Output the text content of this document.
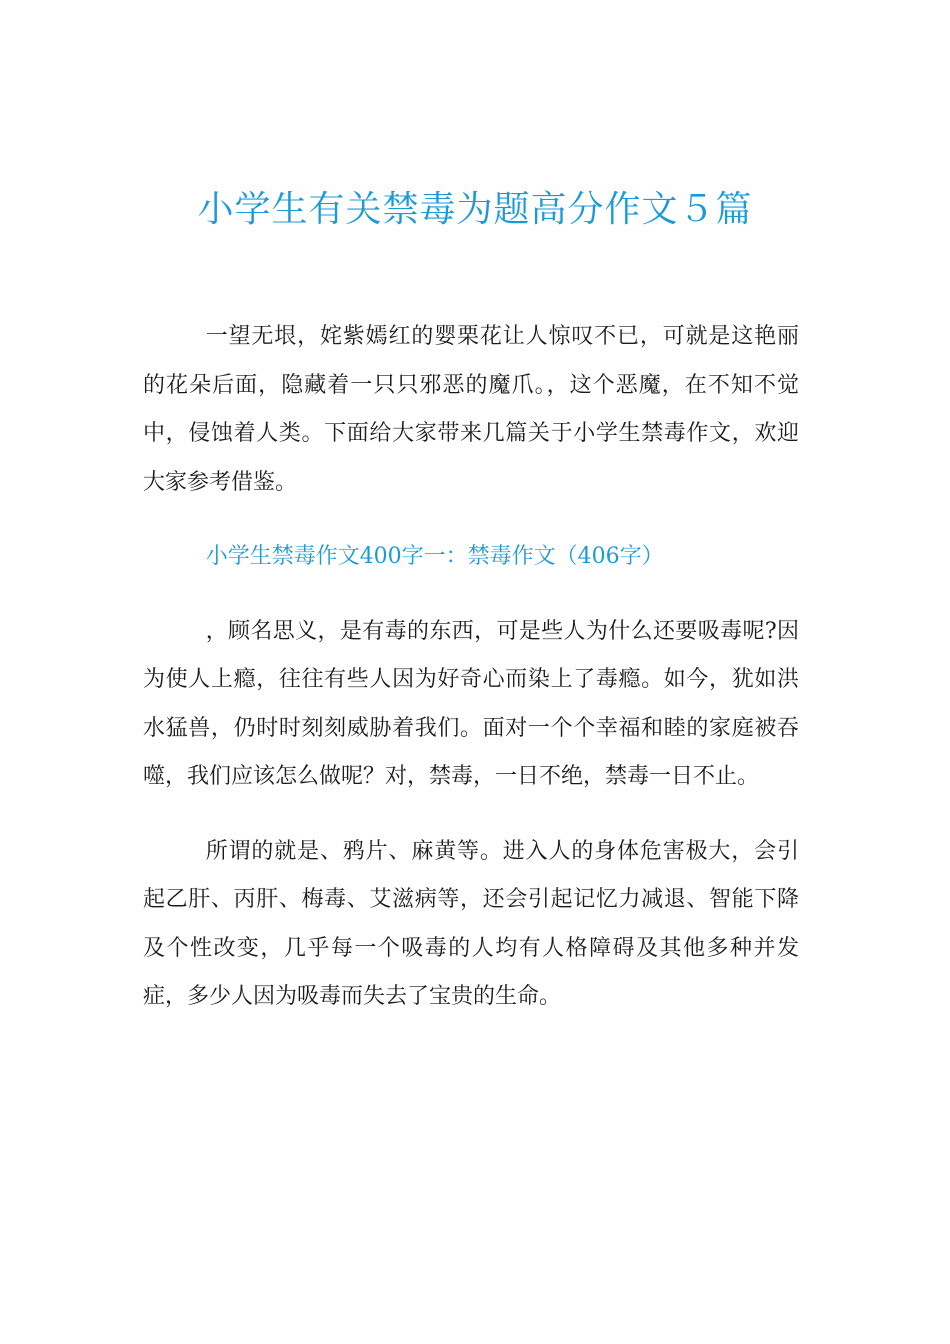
小学生有关禁毒为题高分作文５篇

一望无垠，姹紫嫣红的婴栗花让人惊叹不已，可就是这艳丽的花朵后面，隐藏着一只只邪恶的魔爪。，这个恶魔，在不知不觉中，侵蚀着人类。下面给大家带来几篇关于小学生禁毒作文，欢迎大家参考借鉴。

小学生禁毒作文400字一：禁毒作文（406字）

，顾名思义，是有毒的东西，可是些人为什么还要吸毒呢?因为使人上瘾，往往有些人因为好奇心而染上了毒瘾。如今，犹如洪水猛兽，仍时时刻刻威胁着我们。面对一个个幸福和睦的家庭被吞噬，我们应该怎么做呢？对，禁毒，一日不绝，禁毒一日不止。

所谓的就是、鸦片、麻黄等。进入人的身体危害极大，会引起乙肝、丙肝、梅毒、艾滋病等，还会引起记忆力减退、智能下降及个性改变，几乎每一个吸毒的人均有人格障碍及其他多种并发症，多少人因为吸毒而失去了宝贵的生命。
